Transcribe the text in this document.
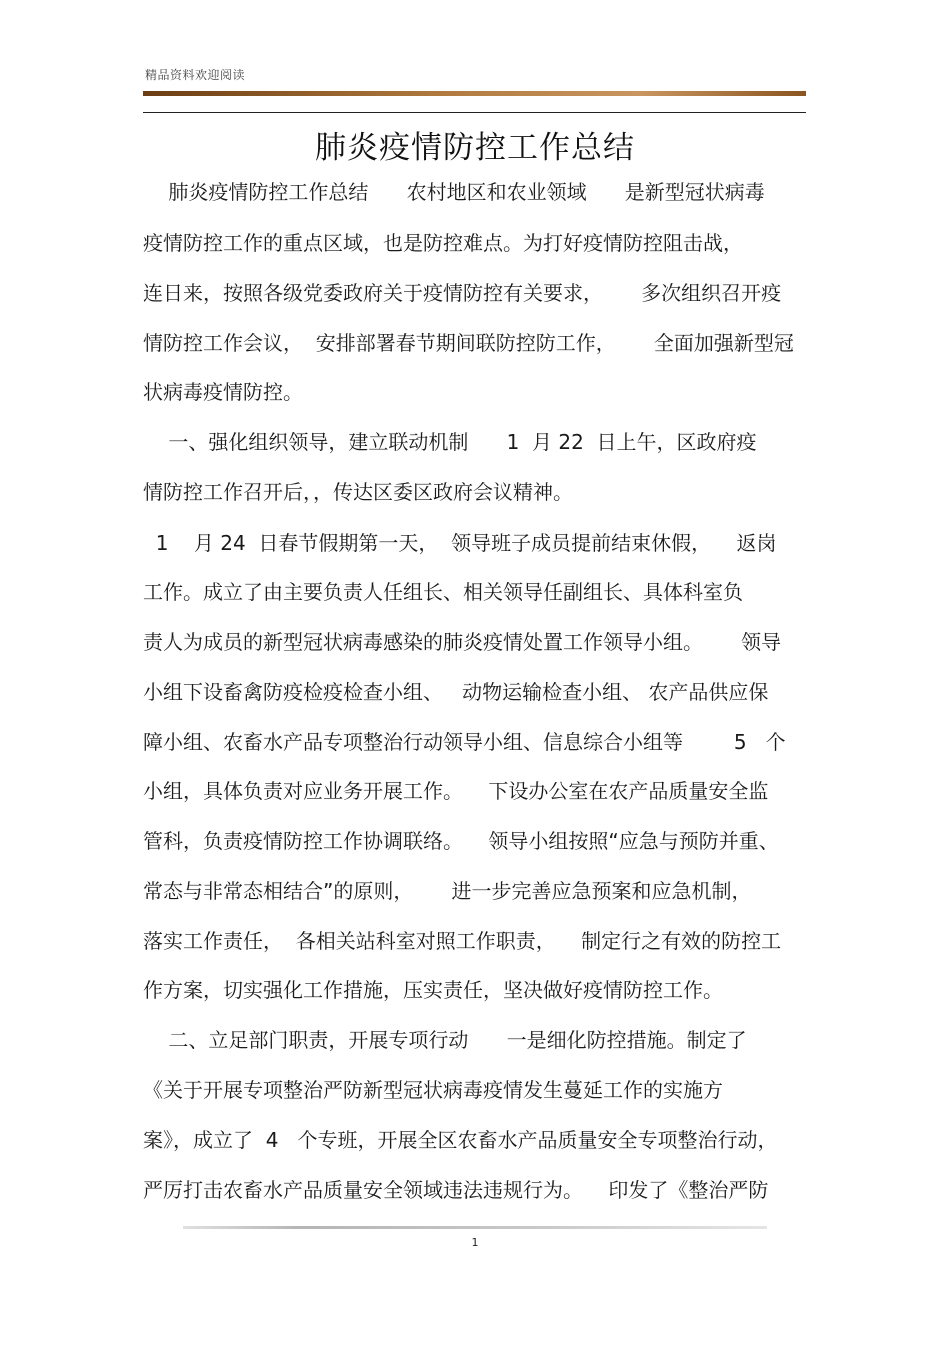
精品资料欢迎阅读
肺炎疫情防控工作总结
肺炎疫情防控工作总结      农村地区和农业领域      是新型冠状病毒
疫情防控工作的重点区域，也是防控难点。为打好疫情防控阻击战，
连日来，按照各级党委政府关于疫情防控有关要求，      多次组织召开疫
情防控工作会议，  安排部署春节期间联防控防工作，      全面加强新型冠
状病毒疫情防控。
一、强化组织领导，建立联动机制      1  月 22  日上午，区政府疫
情防控工作召开后，，传达区委区政府会议精神。
1    月 24  日春节假期第一天，  领导班子成员提前结束休假，    返岗
工作。成立了由主要负责人任组长、相关领导任副组长、具体科室负
责人为成员的新型冠状病毒感染的肺炎疫情处置工作领导小组。      领导
小组下设畜禽防疫检疫检查小组、   动物运输检查小组、 农产品供应保
障小组、农畜水产品专项整治行动领导小组、信息综合小组等        5   个
小组，具体负责对应业务开展工作。    下设办公室在农产品质量安全监
管科，负责疫情防控工作协调联络。    领导小组按照“应急与预防并重、
常态与非常态相结合”的原则，      进一步完善应急预案和应急机制，
落实工作责任，  各相关站科室对照工作职责，    制定行之有效的防控工
作方案，切实强化工作措施，压实责任，坚决做好疫情防控工作。
二、立足部门职责，开展专项行动      一是细化防控措施。制定了
《关于开展专项整治严防新型冠状病毒疫情发生蔓延工作的实施方
案》，成立了  4   个专班，开展全区农畜水产品质量安全专项整治行动，
严厉打击农畜水产品质量安全领域违法违规行为。    印发了《整治严防
1
